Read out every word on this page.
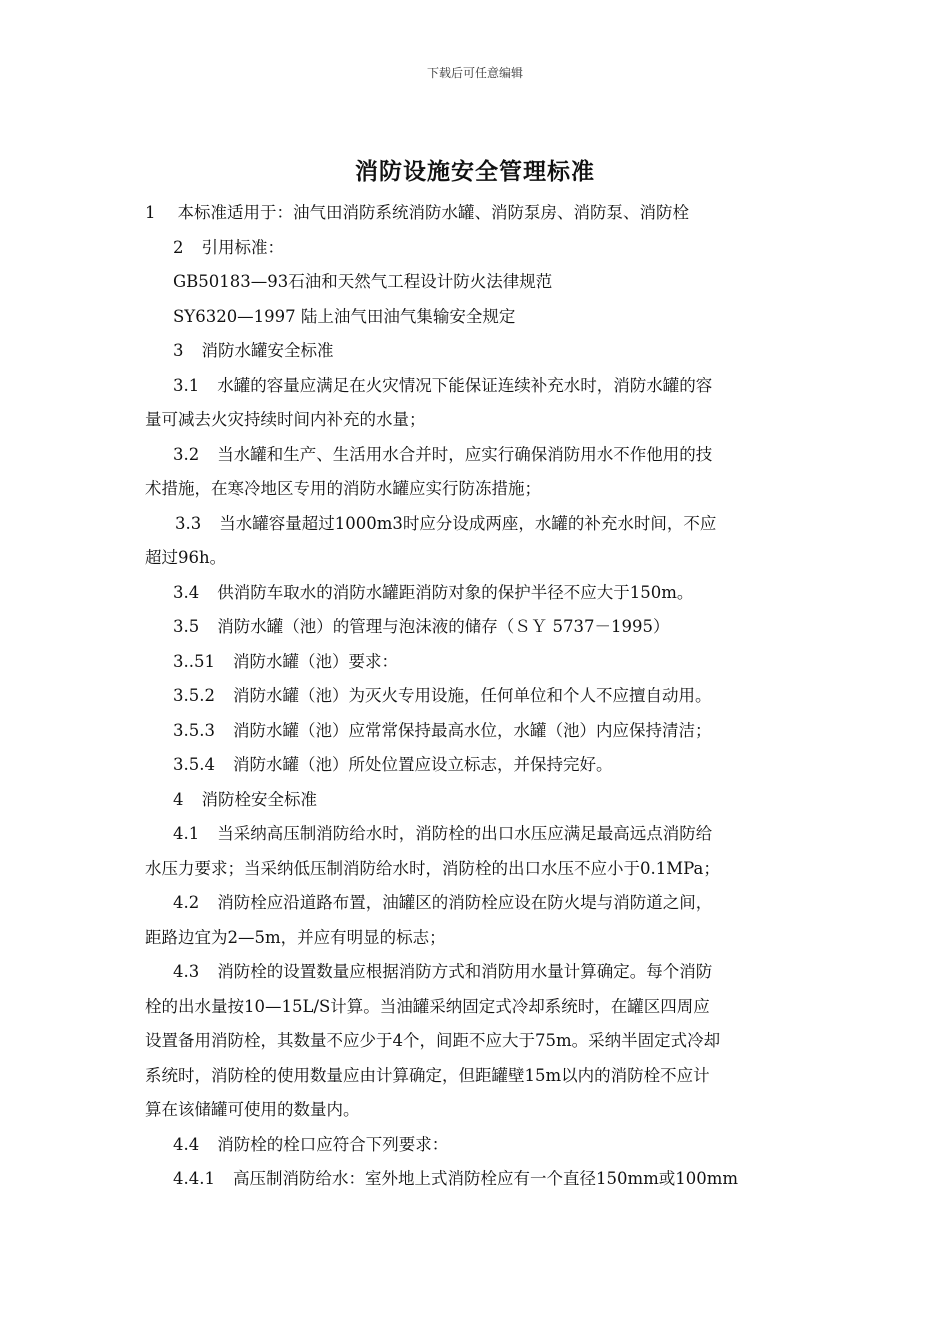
下载后可任意编辑
消防设施安全管理标准
1 本标准适用于：油气田消防系统消防水罐、消防泵房、消防泵、消防栓
2 引用标准：
GB50183—93石油和天然气工程设计防火法律规范
SY6320—1997 陆上油气田油气集输安全规定
3 消防水罐安全标准
3.1 水罐的容量应满足在火灾情况下能保证连续补充水时，消防水罐的容
量可减去火灾持续时间内补充的水量；
3.2 当水罐和生产、生活用水合并时，应实行确保消防用水不作他用的技
术措施，在寒冷地区专用的消防水罐应实行防冻措施；
3.3 当水罐容量超过1000m3时应分设成两座，水罐的补充水时间，不应
超过96h。
3.4 供消防车取水的消防水罐距消防对象的保护半径不应大于150m。
3.5 消防水罐（池）的管理与泡沫液的储存（ＳＹ 5737－1995）
3..51 消防水罐（池）要求：
3.5.2 消防水罐（池）为灭火专用设施，任何单位和个人不应擅自动用。
3.5.3 消防水罐（池）应常常保持最高水位，水罐（池）内应保持清洁；
3.5.4 消防水罐（池）所处位置应设立标志，并保持完好。
4 消防栓安全标准
4.1 当采纳高压制消防给水时，消防栓的出口水压应满足最高远点消防给
水压力要求；当采纳低压制消防给水时，消防栓的出口水压不应小于0.1MPa；
4.2 消防栓应沿道路布置，油罐区的消防栓应设在防火堤与消防道之间，
距路边宜为2—5m，并应有明显的标志；
4.3 消防栓的设置数量应根据消防方式和消防用水量计算确定。每个消防
栓的出水量按10—15L/S计算。当油罐采纳固定式冷却系统时，在罐区四周应
设置备用消防栓，其数量不应少于4个，间距不应大于75m。采纳半固定式冷却
系统时，消防栓的使用数量应由计算确定，但距罐壁15m以内的消防栓不应计
算在该储罐可使用的数量内。
4.4 消防栓的栓口应符合下列要求：
4.4.1 高压制消防给水：室外地上式消防栓应有一个直径150mm或100mm
